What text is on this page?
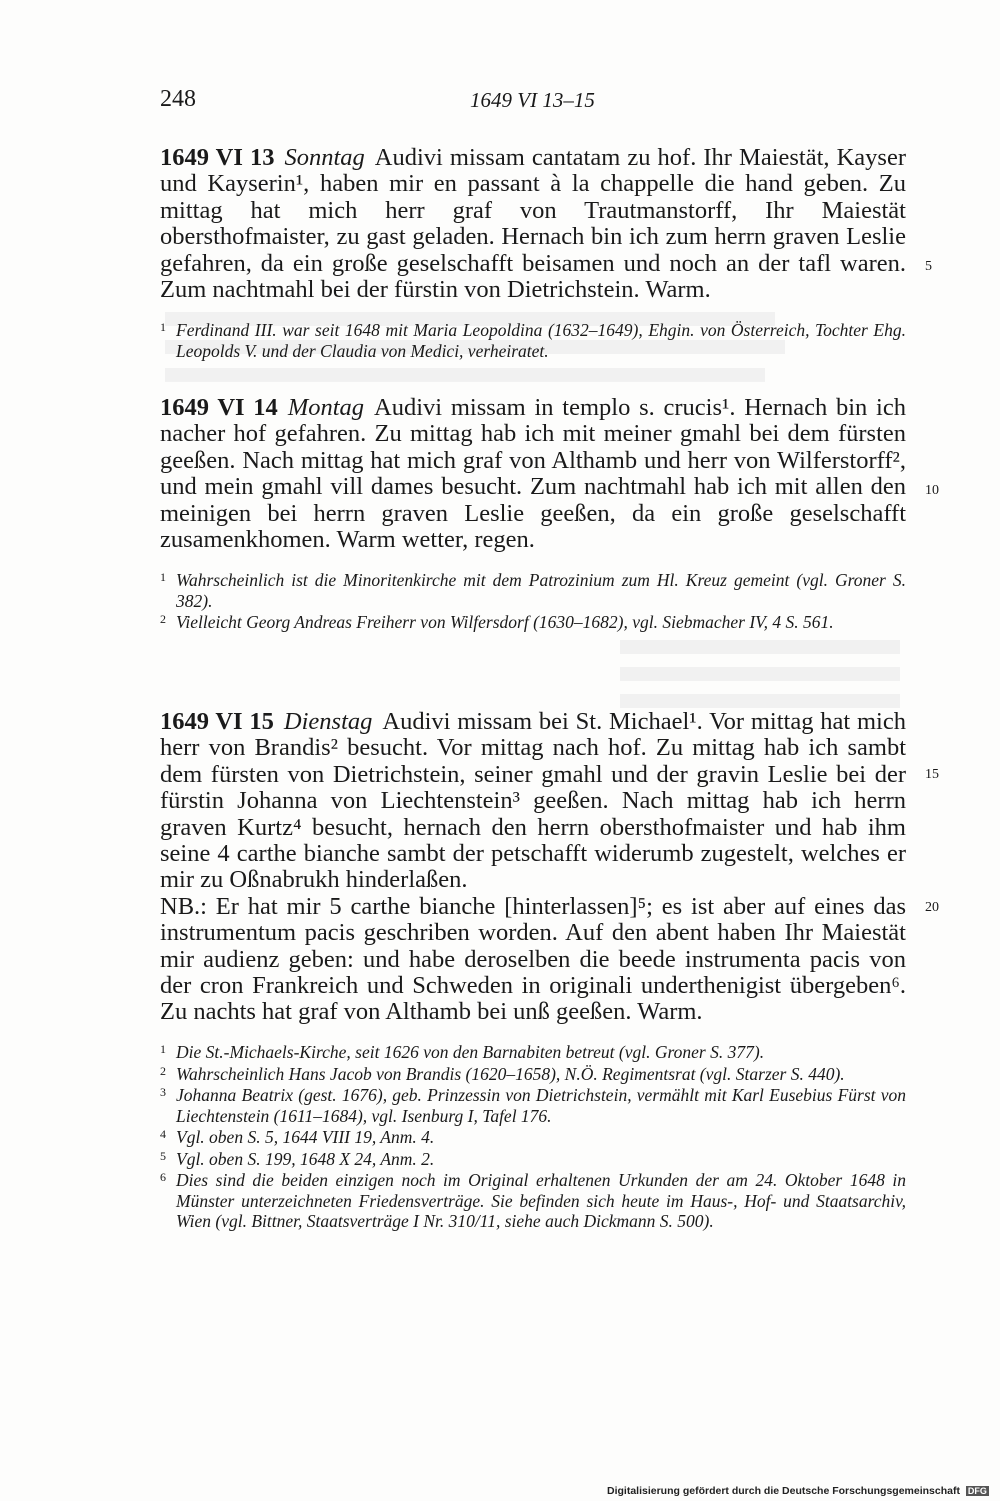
248	1649 VI 13–15

1649 VI 13 Sonntag Audivi missam cantatam zu hof. Ihr Maiestät, Kayser und Kayserin¹, haben mir en passant à la chappelle die hand geben. Zu mittag hat mich herr graf von Trautmanstorff, Ihr Maiestät obersthofmaister, zu gast geladen. Hernach bin ich zum herrn graven Leslie gefahren, da ein große geselschafft beisamen und noch an der tafl waren. Zum nachtmahl bei der fürstin von Dietrichstein. Warm.

1 Ferdinand III. war seit 1648 mit Maria Leopoldina (1632–1649), Ehgin. von Österreich, Tochter Ehg. Leopolds V. und der Claudia von Medici, verheiratet.

1649 VI 14 Montag Audivi missam in templo s. crucis¹. Hernach bin ich nacher hof gefahren. Zu mittag hab ich mit meiner gmahl bei dem fürsten geeßen. Nach mittag hat mich graf von Althamb und herr von Wilferstorff², und mein gmahl vill dames besucht. Zum nachtmahl hab ich mit allen den meinigen bei herrn graven Leslie geeßen, da ein große geselschafft zusamenkhomen. Warm wetter, regen.

1 Wahrscheinlich ist die Minoritenkirche mit dem Patrozinium zum Hl. Kreuz gemeint (vgl. Groner S. 382).
2 Vielleicht Georg Andreas Freiherr von Wilfersdorf (1630–1682), vgl. Siebmacher IV, 4 S. 561.

1649 VI 15 Dienstag Audivi missam bei St. Michael¹. Vor mittag hat mich herr von Brandis² besucht. Vor mittag nach hof. Zu mittag hab ich sambt dem fürsten von Dietrichstein, seiner gmahl und der gravin Leslie bei der fürstin Johanna von Liechtenstein³ geeßen. Nach mittag hab ich herrn graven Kurtz⁴ besucht, hernach den herrn obersthofmaister und hab ihm seine 4 carthe bianche sambt der petschafft widerumb zugestelt, welches er mir zu Oßnabrukh hinderlaßen.

NB.: Er hat mir 5 carthe bianche [hinterlassen]⁵; es ist aber auf eines das instrumentum pacis geschriben worden. Auf den abent haben Ihr Maiestät mir audienz geben: und habe deroselben die beede instrumenta pacis von der cron Frankreich und Schweden in originali underthenigist übergeben⁶. Zu nachts hat graf von Althamb bei unß geeßen. Warm.

1 Die St.-Michaels-Kirche, seit 1626 von den Barnabiten betreut (vgl. Groner S. 377).
2 Wahrscheinlich Hans Jacob von Brandis (1620–1658), N.Ö. Regimentsrat (vgl. Starzer S. 440).
3 Johanna Beatrix (gest. 1676), geb. Prinzessin von Dietrichstein, vermählt mit Karl Eusebius Fürst von Liechtenstein (1611–1684), vgl. Isenburg I, Tafel 176.
4 Vgl. oben S. 5, 1644 VIII 19, Anm. 4.
5 Vgl. oben S. 199, 1648 X 24, Anm. 2.
6 Dies sind die beiden einzigen noch im Original erhaltenen Urkunden der am 24. Oktober 1648 in Münster unterzeichneten Friedensverträge. Sie befinden sich heute im Haus-, Hof- und Staatsarchiv, Wien (vgl. Bittner, Staatsverträge I Nr. 310/11, siehe auch Dickmann S. 500).
5
10
15
20
Digitalisierung gefördert durch die Deutsche Forschungsgemeinschaft DFG
